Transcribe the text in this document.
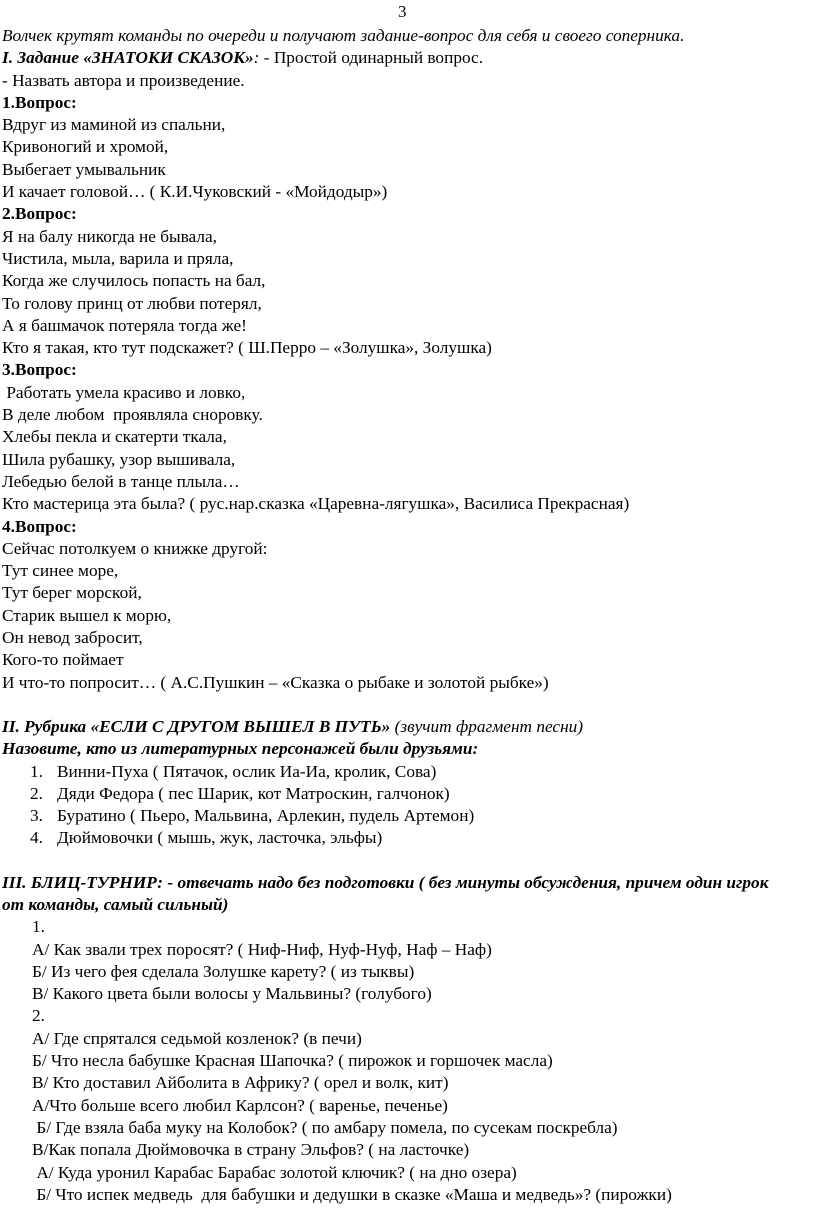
3
Волчек крутят команды по очереди и получают задание-вопрос для себя и своего соперника.
I. Задание «ЗНАТОКИ СКАЗОК»: - Простой одинарный вопрос.
- Назвать автора и произведение.
1.Вопрос:
Вдруг из маминой из спальни,
Кривоногий и хромой,
Выбегает умывальник
И качает головой… ( К.И.Чуковский - «Мойдодыр»)
2.Вопрос:
Я на балу никогда не бывала,
Чистила, мыла, варила и пряла,
Когда же случилось попасть на бал,
То голову принц от любви потерял,
А я башмачок потеряла тогда же!
Кто я такая, кто тут подскажет? ( Ш.Перро – «Золушка», Золушка)
3.Вопрос:
Работать умела красиво и ловко,
В деле любом  проявляла сноровку.
Хлебы пекла и скатерти ткала,
Шила рубашку, узор вышивала,
Лебедью белой в танце плыла…
Кто мастерица эта была? ( рус.нар.сказка «Царевна-лягушка», Василиса Прекрасная)
4.Вопрос:
Сейчас потолкуем о книжке другой:
Тут синее море,
Тут берег морской,
Старик вышел к морю,
Он невод забросит,
Кого-то поймает
И что-то попросит… ( А.С.Пушкин – «Сказка о рыбаке и золотой рыбке»)
II. Рубрика «ЕСЛИ С ДРУГОМ ВЫШЕЛ В ПУТЬ» (звучит фрагмент песни)
Назовите, кто из литературных персонажей были друзьями:
1. Винни-Пуха ( Пятачок, ослик Иа-Иа, кролик, Сова)
2. Дяди Федора ( пес Шарик, кот Матроскин, галчонок)
3. Буратино ( Пьеро, Мальвина, Арлекин, пудель Артемон)
4. Дюймовочки ( мышь, жук, ласточка, эльфы)
III. БЛИЦ-ТУРНИР: - отвечать надо без подготовки ( без минуты обсуждения, причем один игрок от команды, самый сильный)
1.
А/ Как звали трех поросят? ( Ниф-Ниф, Нуф-Нуф, Наф – Наф)
Б/ Из чего фея сделала Золушке карету? ( из тыквы)
В/ Какого цвета были волосы у Мальвины? (голубого)
2.
А/ Где спрятался седьмой козленок? (в печи)
Б/ Что несла бабушке Красная Шапочка? ( пирожок и горшочек масла)
В/ Кто доставил Айболита в Африку? ( орел и волк, кит)
А/Что больше всего любил Карлсон? ( варенье, печенье)
Б/ Где взяла баба муку на Колобок? ( по амбару помела, по сусекам поскребла)
В/Как попала Дюймовочка в страну Эльфов? ( на ласточке)
А/ Куда уронил Карабас Барабас золотой ключик? ( на дно озера)
Б/ Что испек медведь  для бабушки и дедушки в сказке «Маша и медведь»? (пирожки)
